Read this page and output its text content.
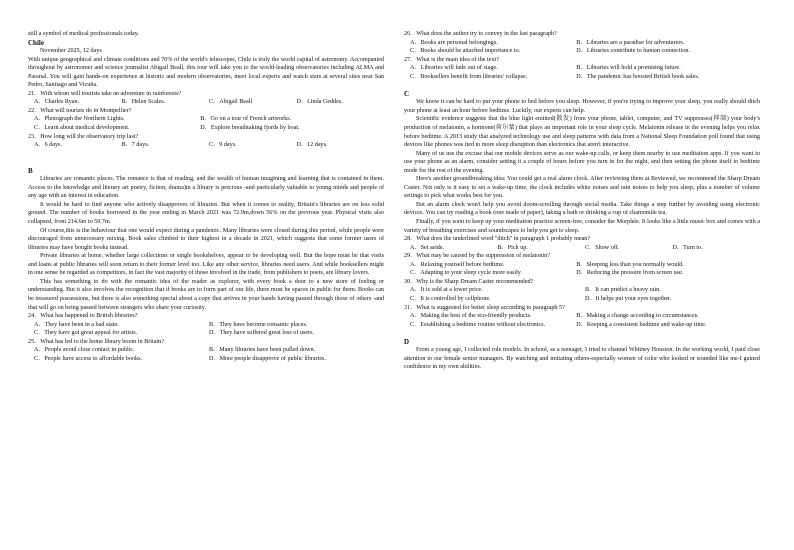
still a symbol of medical professionals today.

Chile

November 2025, 12 days

With unique geographical and climate conditions and 70% of the world's telescopes, Chile is truly the world capital of astronomy. Accompanied throughout by astronomer and science journalist Abigail Beall, this tour will take you to the world-leading observatories including ALMA and Paranal. You will gain hands-on experience at historic and modern observatories, meet local experts and watch stars at several sites near San Pedro, Santiago and Vicuña.

21．With whom will tourists take an adventure in rainforests?

A．Charles Ryan.	B．Helen Scales.	C．Abigail Beall	D．Linda Geddes.

22．What will tourists do in Montpellier?

A．Photograph the Northern Lights.	B．Go on a tour of French artworks.
C．Learn about medical development.	D．Explore breathtaking fjords by boat.

23．How long will the observatory trip last?

A．6 days.	B．7 days.	C．9 days.	D．12 days.

B

Libraries are romantic places. The romance is that of reading, and the wealth of human imagining and learning that is contained in them. Access to the knowledge and literary art poetry, fiction, drama)in a library is precious -and particularly valuable to young minds and people of any age with an interest in education.

It would be hard to find anyone who actively disapproves of libraries. But when it comes to reality, Britain's libraries are on less solid ground. The number of books borrowed in the year ending in March 2021 was 72.9m,down 56% on the previous year. Physical visits also collapsed, from 214.6m to 59.7m.

Of course,this is the behaviour that one would expect during a pandemic. Many libraries were closed during this period, while people were discouraged from unnecessary mixing. Book sales climbed to their highest in a decade in 2021, which suggests that some former users of libraries may have bought books instead.

Private libraries at home, whether large collections or single bookshelves, appear to be developing well. But the hope must be that visits and loans at public libraries will soon return to their former level too. Like any other service, libraries need users. And while booksellers might in one sense be regarded as competitors, in fact the vast majority of those involved in the trade, from publishers to poets, are library lovers.

This has something to do with the romantic idea of the reader as explorer, with every book a door to a new store of feeling or understanding. But it also involves the recognition that if books are to form part of our life, there must be spaces in public for them. Books can be treasured possessions, but there is also something special about a copy that arrives in your hands having passed through those of others -and that will go on being passed between strangers who share your curiosity.

24．What has happened to British libraries?

A．They have been in a bad state.	B．They have become romantic places.
C．They have got great appeal for artists.	D．They have suffered great loss of users.

25．What has led to the home library boom in Britain?

A．People avoid close contact in public.	B．Many libraries have been pulled down.
C．People have access to affordable books.	D．More people disapprove of public libraries.

26．What does the author try to convey in the last paragraph?

A．Books are personal belongings.	B．Libraries are a paradise for adventurers.
C．Books should be attached importance to.	D．Libraries contribute to human connection.

27．What is the main idea of the text?

A．Libraries will fade out of stage.	B．Libraries will hold a promising future.
C．Booksellers benefit from libraries' collapse.	D．The pandemic has boosted British book sales.

C

We know it can be hard to put your phone to bed before you sleep. However, if you're trying to improve your sleep, you really should ditch your phone at least an hour before bedtime. Luckily, our experts can help.

Scientific evidence suggests that the blue light emitted(散发) from your phone, tablet, computer, and TV suppresses(抑制) your body's production of melatonin, a hormone(荷尔蒙) that plays an important role in your sleep cycle. Melatonin release in the evening helps you relax before bedtime. A 2013 study that analyzed technology use and sleep patterns with data from a National Sleep Foundation poll found that using devices like phones was tied to more sleep disruption than electronics that aren't interactive.

Many of us use the excuse that our mobile devices serve as our wake-up calls, or keep them nearby to use meditation apps. If you want to use your phone as an alarm, consider setting it a couple of hours before you turn in for the night, and then setting the phone itself to bedtime mode for the rest of the evening.

Here's another groundbreaking idea: You could get a real alarm clock. After reviewing them at Reviewed, we recommend the Sharp Dream Caster. Not only is it easy to set a wake-up time, the clock includes white noises and rain noises to help you sleep, plus a number of volume settings to pick what works best for you.

But an alarm clock won't help you avoid doom-scrolling through social media. Take things a step further by avoiding using electronic devices. You can try reading a book (one made of paper), taking a bath or drinking a cup of chamomile tea.

Finally, if you want to keep up your meditation practice screen-free, consider the Morphée. It looks like a little music box and comes with a variety of breathing exercises and soundscapes to help you get to sleep.

28．What does the underlined word "ditch" in paragraph 1 probably mean?

A．Set aside.	B．Pick up.	C．Show off.	D．Turn to.

29．What may be caused by the suppression of melatonin?

A．Relaxing yourself before bedtime.	B．Sleeping less than you normally would.
C．Adapting to your sleep cycle more easily.	D．Reducing the pressure from screen use.

30．Why is the Sharp Dream Caster recommended?

A．It is sold at a lower price.	B．It can predict a heavy rain.
C．It is controlled by cellphone.	D．It helps put your eyes together.

31．What is suggested for better sleep according to paragraph 5?

A．Making the best of the eco-friendly products.	B．Making a change according to circumstances.
C．Establishing a bedtime routine without electronics.	D．Keeping a consistent bedtime and wake-up time.

D

From a young age, I collected role models. In school, as a teenager, I tried to channel Whitney Houston. In the working world, I paid close attention to our female senior managers. By watching and imitating others-especially women of color who looked or sounded like me-I gained confidence in my own abilities.
